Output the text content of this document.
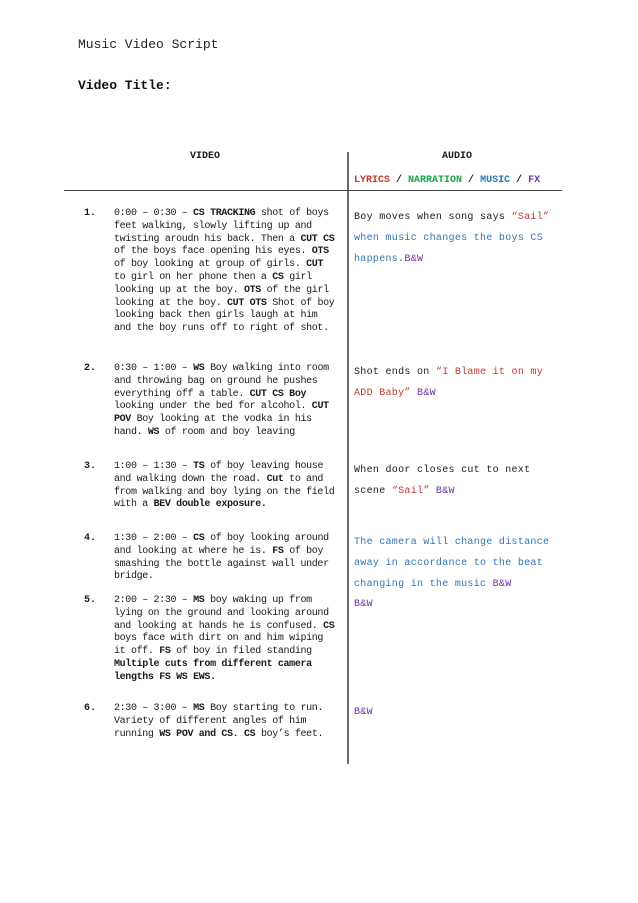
Music Video Script
Video Title:
VIDEO	AUDIO
LYRICS / NARRATION / MUSIC / FX
1. 0:00 – 0:30 – CS TRACKING shot of boys feet walking, slowly lifting up and twisting aroudn his back. Then a CUT CS of the boys face opening his eyes. OTS of boy looking at group of girls. CUT to girl on her phone then a CS girl looking up at the boy. OTS of the girl looking at the boy. CUT OTS Shot of boy looking back then girls laugh at him and the boy runs off to right of shot.
Boy moves when song says “Sail” when music changes the boys CS happens.B&W
2. 0:30 – 1:00 – WS Boy walking into room and throwing bag on ground he pushes everything off a table. CUT CS Boy looking under the bed for alcohol. CUT POV Boy looking at the vodka in his hand. WS of room and boy leaving
Shot ends on “I Blame it on my ADD Baby” B&W
3. 1:00 – 1:30 – TS of boy leaving house and walking down the road. Cut to and from walking and boy lying on the field with a BEV double exposure.
When door closes cut to next scene “Sail” B&W
4. 1:30 – 2:00 – CS of boy looking around and looking at where he is. FS of boy smashing the bottle against wall under bridge.
The camera will change distance away in accordance to the beat changing in the music B&W
5. 2:00 – 2:30 – MS boy waking up from lying on the ground and looking around and looking at hands he is confused. CS boys face with dirt on and him wiping it off. FS of boy in filed standing Multiple cuts from different camera lengths FS WS EWS.
B&W
6. 2:30 – 3:00 – MS Boy starting to run. Variety of different angles of him running WS POV and CS. CS boy’s feet.
B&W
